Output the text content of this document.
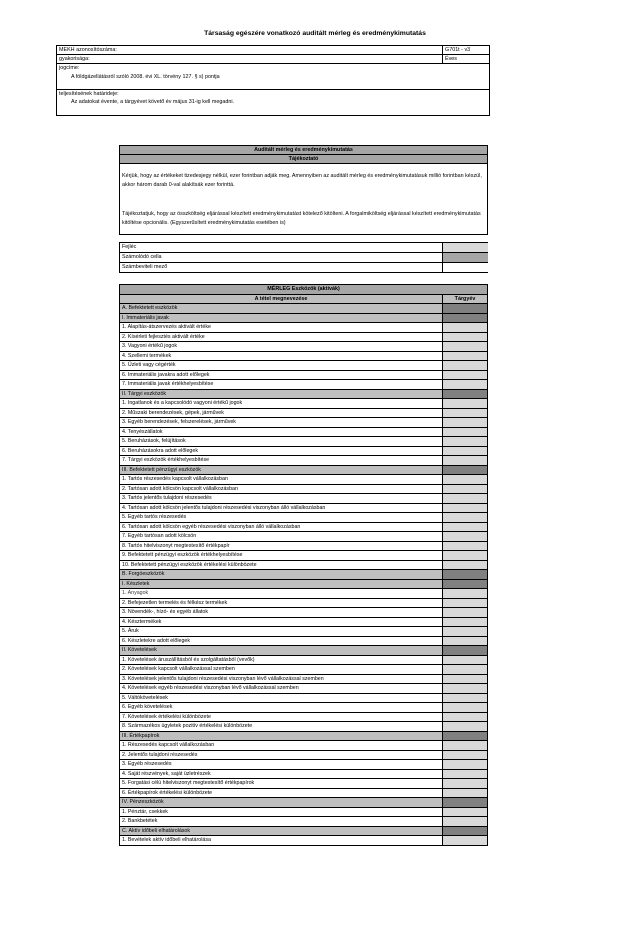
Társaság egészére vonatkozó auditált mérleg és eredménykimutatás
MEKH azonosítószáma:	G701t - v3
gyakorisága:	Éves
jogcíme:
A földgázellátásról szóló 2008. évi XL. törvény 127. § s) pontja
teljesítésének határideje:
Az adatokat évente, a tárgyévet követő év május 31-ig kell megadni.
Auditált mérleg és eredménykimutatás
Tájékoztató
Kérjük, hogy az értékeket tizedesjegy nélkül, ezer forintban adják meg. Amennyiben az auditált mérleg és eredménykimutatásuk millió forintban készül, akkor három darab 0-val alakítsák ezer forinttá.
Tájékoztatjuk, hogy az összköltség eljárással készített eredménykimutatást kötelező kitölteni. A forgalmiköltség eljárással készített eredménykimutatás kitöltése opcionális. (Egyszerűsített eredménykimutatás esetében is)
Fejléc
Számolódó cella
Számbeviteli mező
MÉRLEG Eszközök (aktívák)
A tétel megnevezése	Tárgyév
A. Befektetett eszközök
I. Immateriális javak
1. Alapítás-átszervezés aktivált értéke
2. Kísérleti fejlesztés aktivált értéke
3. Vagyoni értékű jogok
4. Szellemi termékek
5. Üzleti vagy cégérték
6. Immateriális javakra adott előlegek
7. Immateriális javak értékhelyesbítése
II. Tárgyi eszközök
1. Ingatlanok és a kapcsolódó vagyoni értékű jogok
2. Műszaki berendezések, gépek, járművek
3. Egyéb berendezések, felszerelések, járművek
4. Tenyészállatok
5. Beruházások, felújítások
6. Beruházásokra adott előlegek
7. Tárgyi eszközök értékhelyesbítése
III. Befektetett pénzügyi eszközök
1. Tartós részesedés kapcsolt vállalkozásban
2. Tartósan adott kölcsön kapcsolt vállalkozásban
3. Tartós jelentős tulajdoni részesedés
4. Tartósan adott kölcsön jelentős tulajdoni részesedési viszonyban álló vállalkozásban
5. Egyéb tartós részesedés
6. Tartósan adott kölcsön egyéb részesedési viszonyban álló vállalkozásban
7. Egyéb tartósan adott kölcsön
8. Tartós hitelviszonyt megtestesítő értékpapír
9. Befektetett pénzügyi eszközök értékhelyesbítése
10. Befektetett pénzügyi eszközök értékelési különbözete
B. Forgóeszközök
I. Készletek
1. Anyagok
2. Befejezetlen termelés és félkész termékek
3. Növendék-, hízó- és egyéb állatok
4. Késztermékek
5. Áruk
6. Készletekre adott előlegek
II. Követelések
1. Követelések áruszállításból és szolgáltatásból (vevők)
2. Követelések kapcsolt vállalkozással szemben
3. Követelések jelentős tulajdoni részesedési viszonyban lévő vállalkozással szemben
4. Követelések egyéb részesedési viszonyban lévő vállalkozással szemben
5. Váltókövetelések
6. Egyéb követelések
7. Követelések értékelési különbözete
8. Származékos ügyletek pozitív értékelési különbözete
III. Értékpapírok
1. Részesedés kapcsolt vállalkozásban
2. Jelentős tulajdoni részesedés
3. Egyéb részesedés
4. Saját részvények, saját üzletrészek
5. Forgatási célú hitelviszonyt megtestesítő értékpapírok
6. Értékpapírok értékelési különbözete
IV. Pénzeszközök
1. Pénztár, csekkek
2. Bankbetétek
C. Aktív időbeli elhatárolások
1. Bevételek aktív időbeli elhatárolása
